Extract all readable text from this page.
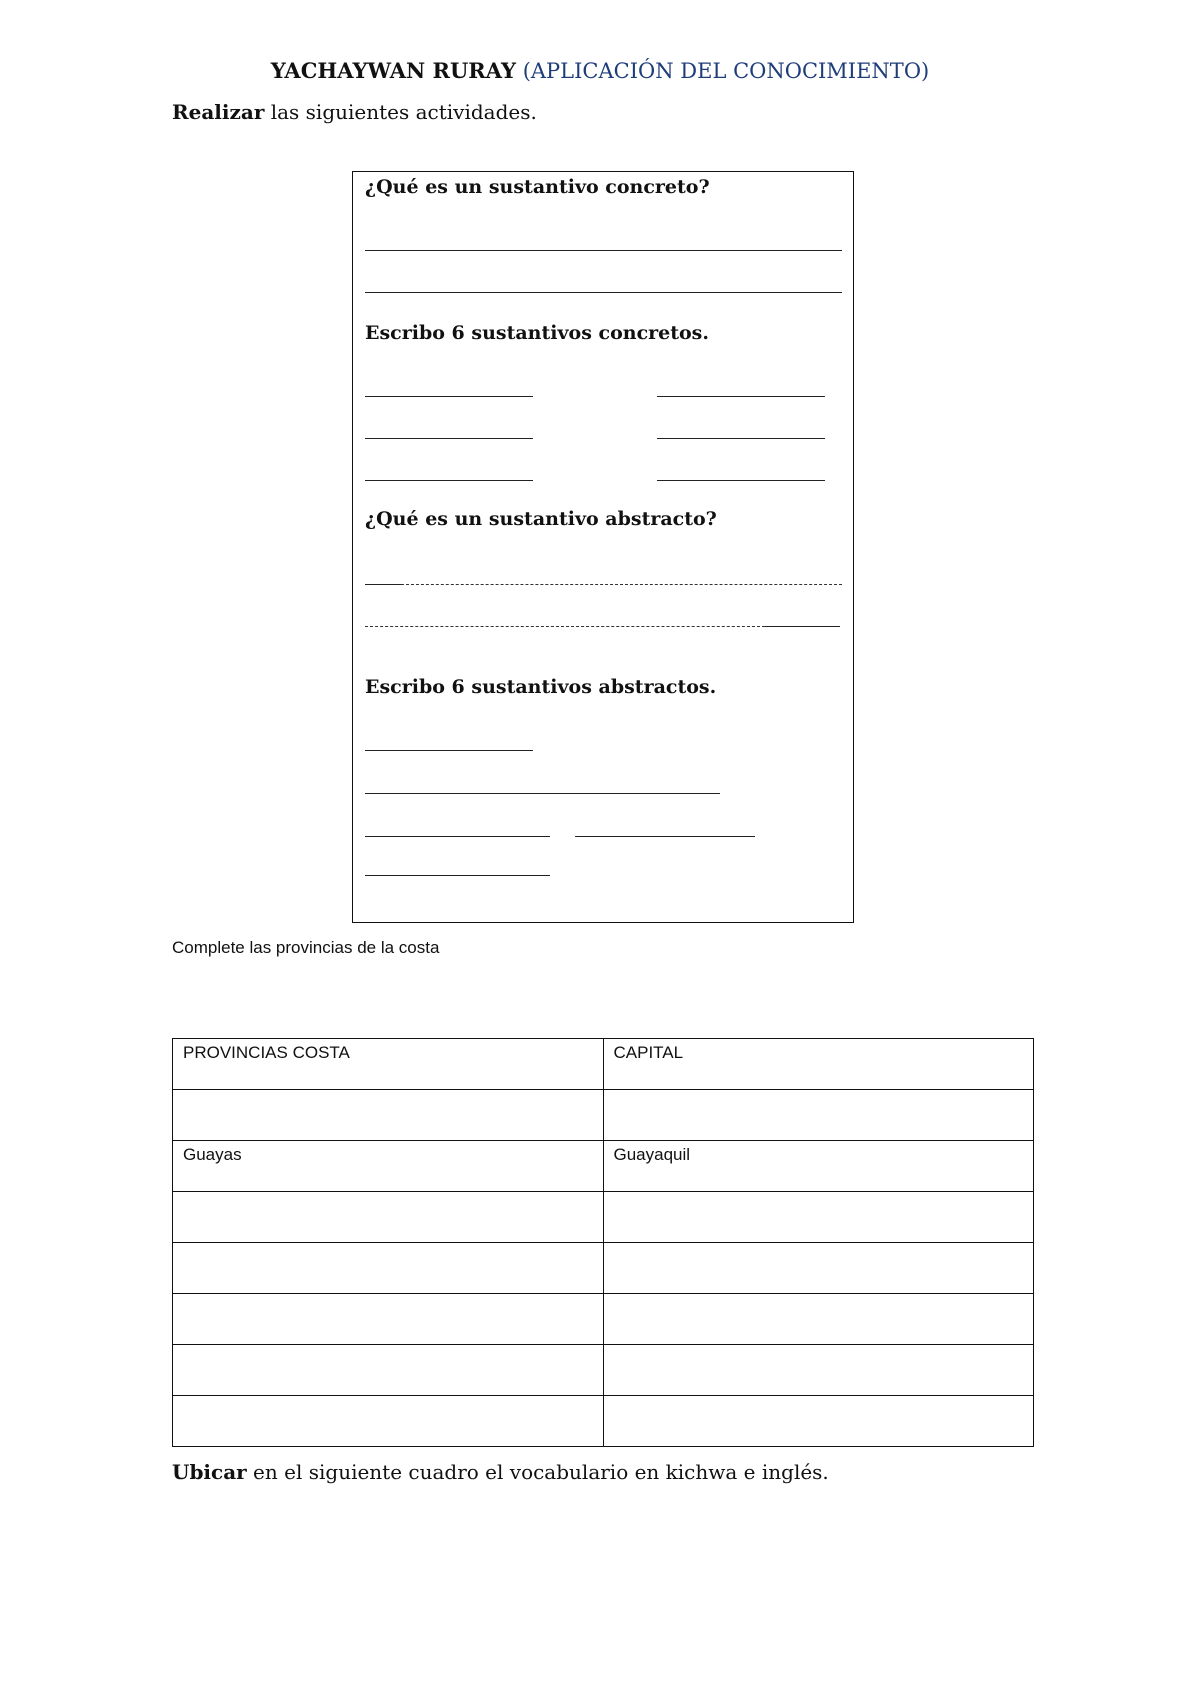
YACHAYWAN RURAY (APLICACIÓN DEL CONOCIMIENTO)
Realizar las siguientes actividades.
¿Qué es un sustantivo concreto?
Escribo 6 sustantivos concretos.
¿Qué es un sustantivo abstracto?
Escribo 6 sustantivos abstractos.
Complete las provincias de la costa
PROVINCIAS COSTA	CAPITAL

Guayas	Guayaquil

Ubicar en el siguiente cuadro el vocabulario en kichwa e inglés.
